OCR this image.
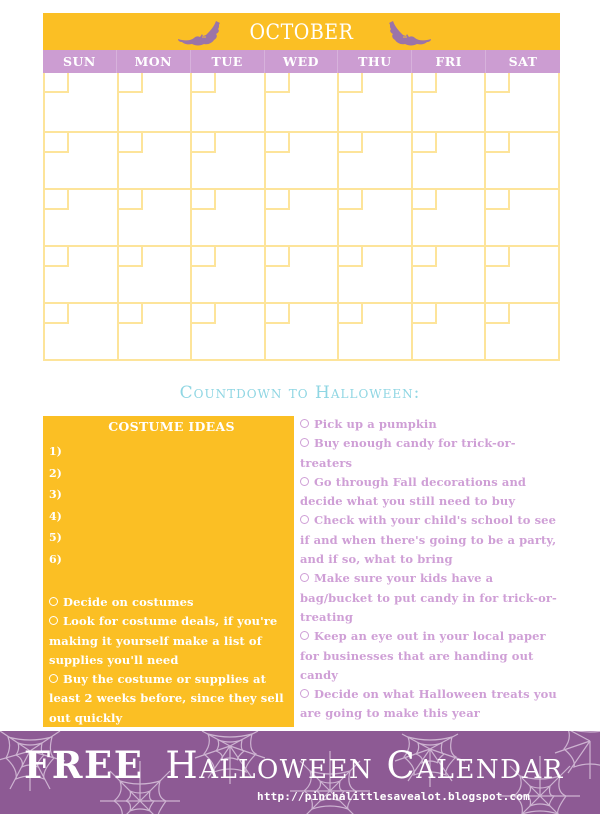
OCTOBER
SUN	MON	TUE	WED	THU	FRI	SAT
Countdown to Halloween:
COSTUME IDEAS
1)
2)
3)
4)
5)
6)
Decide on costumes
Look for costume deals, if you're making it yourself make a list of supplies you'll need
Buy the costume or supplies at least 2 weeks before, since they sell out quickly
Pick up a pumpkin
Buy enough candy for trick-or-treaters
Go through Fall decorations and decide what you still need to buy
Check with your child's school to see if and when there's going to be a party, and if so, what to bring
Make sure your kids have a bag/bucket to put candy in for trick-or-treating
Keep an eye out in your local paper for businesses that are handing out candy
Decide on what Halloween treats you are going to make this year
FREE Halloween Calendar
http://pinchalittlesavealot.blogspot.com
